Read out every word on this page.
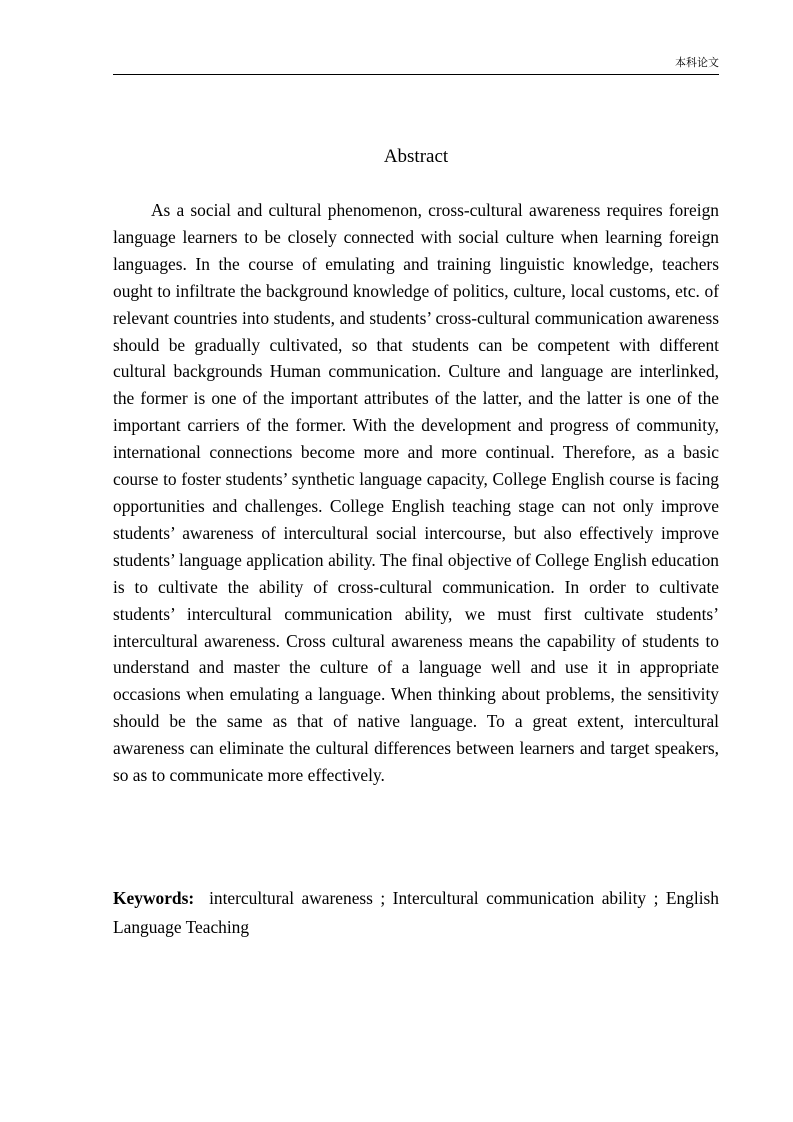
本科论文
Abstract

As a social and cultural phenomenon, cross-cultural awareness requires foreign language learners to be closely connected with social culture when learning foreign languages. In the course of emulating and training linguistic knowledge, teachers ought to infiltrate the background knowledge of politics, culture, local customs, etc. of relevant countries into students, and students’ cross-cultural communication awareness should be gradually cultivated, so that students can be competent with different cultural backgrounds Human communication. Culture and language are interlinked, the former is one of the important attributes of the latter, and the latter is one of the important carriers of the former. With the development and progress of community, international connections become more and more continual. Therefore, as a basic course to foster students’ synthetic language capacity, College English course is facing opportunities and challenges. College English teaching stage can not only improve students’ awareness of intercultural social intercourse, but also effectively improve students’ language application ability. The final objective of College English education is to cultivate the ability of cross-cultural communication. In order to cultivate students’ intercultural communication ability, we must first cultivate students’ intercultural awareness. Cross cultural awareness means the capability of students to understand and master the culture of a language well and use it in appropriate occasions when emulating a language. When thinking about problems, the sensitivity should be the same as that of native language. To a great extent, intercultural awareness can eliminate the cultural differences between learners and target speakers, so as to communicate more effectively.

Keywords: intercultural awareness ; Intercultural communication ability ; English Language Teaching
